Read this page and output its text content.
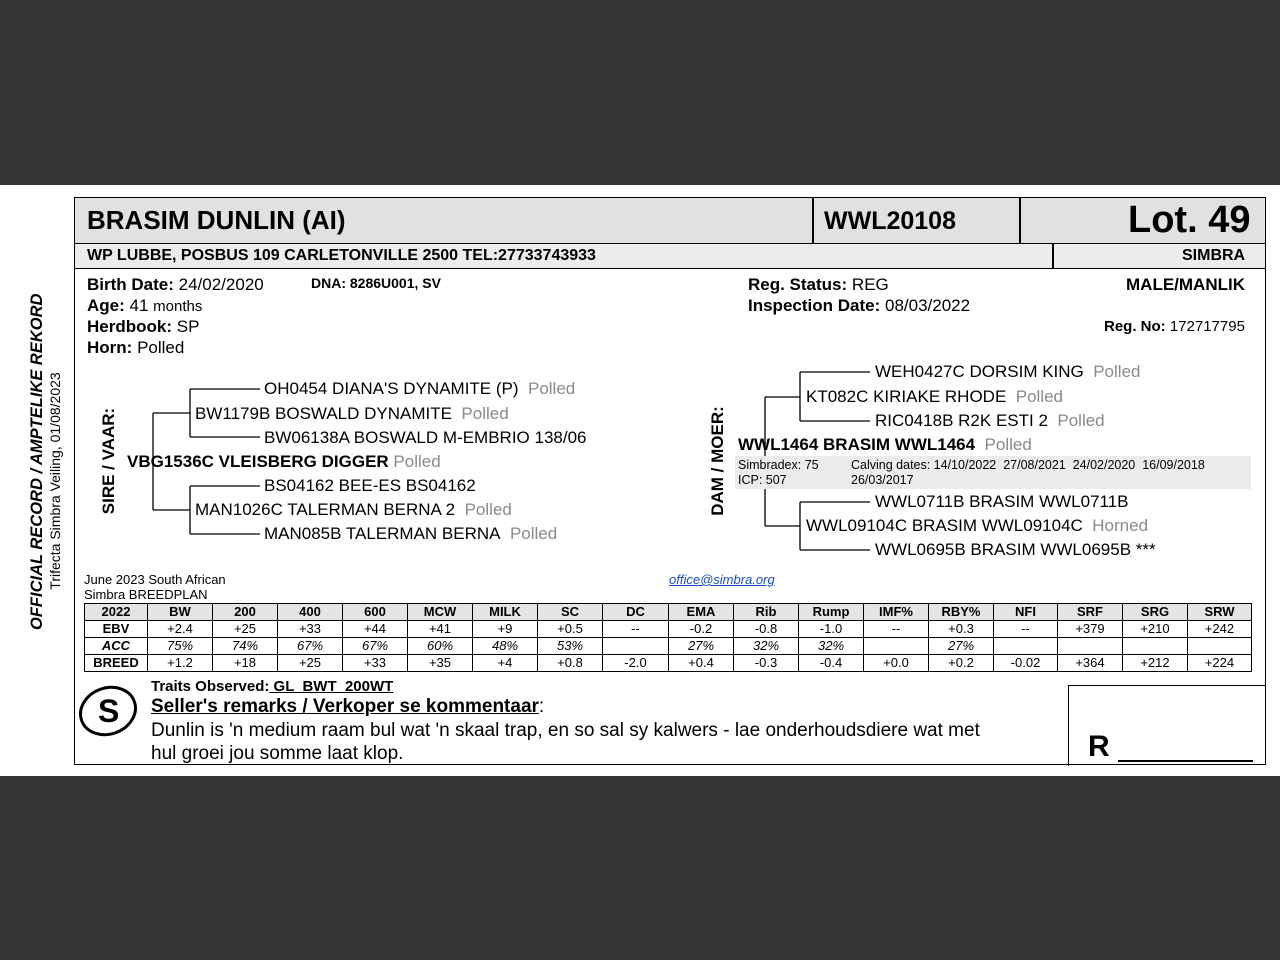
OFFICIAL RECORD / AMPTELIKE REKORD Trifecta Simbra Veiling, 01/08/2023
BRASIM DUNLIN (AI)	WWL20108	Lot. 49
WP LUBBE, POSBUS 109 CARLETONVILLE 2500 TEL:27733743933	SIMBRA
Birth Date: 24/02/2020	DNA: 8286U001, SV
Age: 41 months
Herdbook: SP
Horn: Polled
Reg. Status: REG
Inspection Date: 08/03/2022
MALE/MANLIK
Reg. No: 172717795
SIRE / VAAR:
OH0454 DIANA'S DYNAMITE (P) Polled
BW1179B BOSWALD DYNAMITE Polled
BW06138A BOSWALD M-EMBRIO 138/06
VBG1536C VLEISBERG DIGGER Polled
BS04162 BEE-ES BS04162
MAN1026C TALERMAN BERNA 2 Polled
MAN085B TALERMAN BERNA Polled
DAM / MOER:
WEH0427C DORSIM KING Polled
KT082C KIRIAKE RHODE Polled
RIC0418B R2K ESTI 2 Polled
WWL1464 BRASIM WWL1464 Polled
Simbradex: 75
ICP: 507
Calving dates: 14/10/2022  27/08/2021  24/02/2020  16/09/2018
26/03/2017
WWL0711B BRASIM WWL0711B
WWL09104C BRASIM WWL09104C Horned
WWL0695B BRASIM WWL0695B ***
June 2023 South African
Simbra BREEDPLAN
office@simbra.org
2022	BW	200	400	600	MCW	MILK	SC	DC	EMA	Rib	Rump	IMF%	RBY%	NFI	SRF	SRG	SRW
EBV	+2.4	+25	+33	+44	+41	+9	+0.5	--	-0.2	-0.8	-1.0	--	+0.3	--	+379	+210	+242
ACC	75%	74%	67%	67%	60%	48%	53%		27%	32%	32%		27%				
BREED	+1.2	+18	+25	+33	+35	+4	+0.8	-2.0	+0.4	-0.3	-0.4	+0.0	+0.2	-0.02	+364	+212	+224
S
Traits Observed: GL  BWT  200WT
Seller's remarks / Verkoper se kommentaar:
Dunlin is 'n medium raam bul wat 'n skaal trap, en so sal sy kalwers - lae onderhoudsdiere wat met
hul groei jou somme laat klop.	R
